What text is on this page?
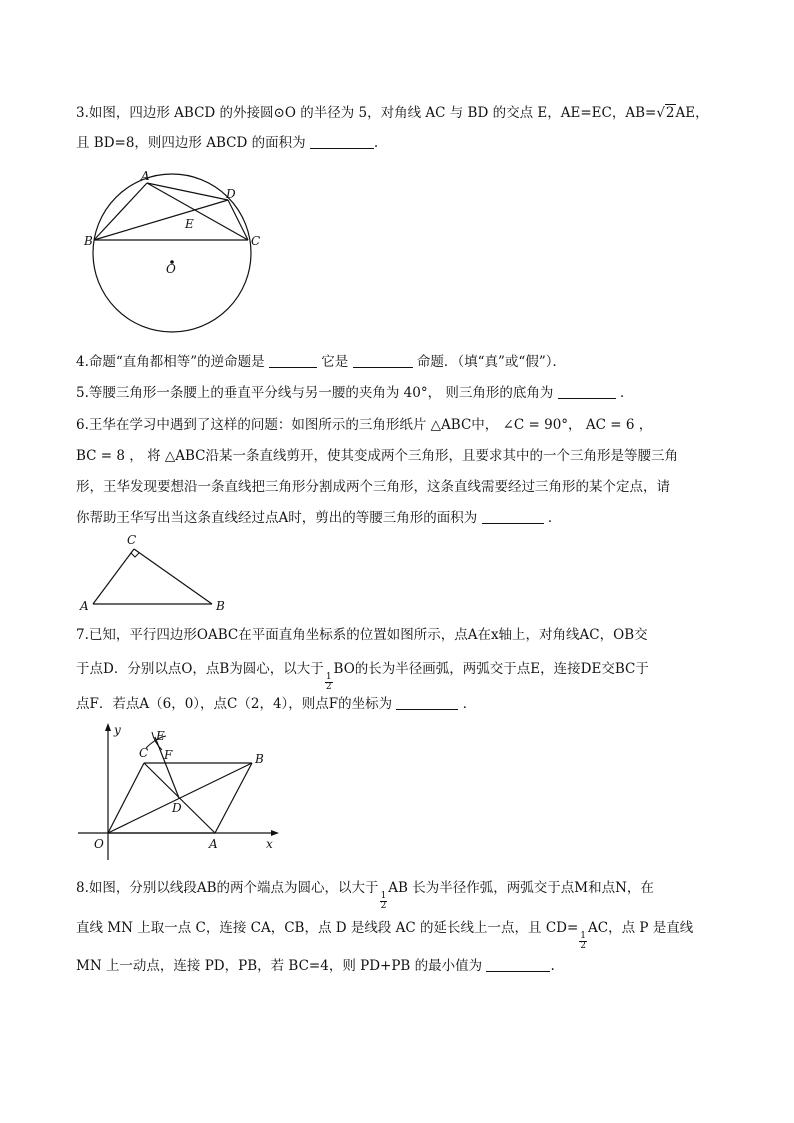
3.如图，四边形 ABCD 的外接圆⊙O 的半径为 5，对角线 AC 与 BD 的交点 E，AE=EC，AB=√2AE，
且 BD=8，则四边形 ABCD 的面积为	.
A
B	C
D
E
O
4.命题“直角都相等”的逆命题是	它是	命题．（填“真”或“假”）．
5.等腰三角形一条腰上的垂直平分线与另一腰的夹角为 40°， 则三角形的底角为	．
6.王华在学习中遇到了这样的问题：如图所示的三角形纸片 △ABC中， ∠C = 90°， AC = 6 ，
BC = 8 ， 将 △ABC沿某一条直线剪开，使其变成两个三角形，且要求其中的一个三角形是等腰三角
形，王华发现要想沿一条直线把三角形分割成两个三角形，这条直线需要经过三角形的某个定点，请
你帮助王华写出当这条直线经过点A时，剪出的等腰三角形的面积为	．
C
A	B
7.已知，平行四边形OABC在平面直角坐标系的位置如图所示，点A在x轴上，对角线AC，OB交
于点D．分别以点O，点B为圆心，以大于
$\frac{1}{2}$
BO的长为半径画弧，两弧交于点E，连接DE交BC于
点F．若点A（6，0），点C（2，4），则点F的坐标为	．
y
x
O	A
B
C
D
E
F
8.如图，分别以线段AB的两个端点为圆心，以大于
$\frac{1}{2}$
AB 长为半径作弧，两弧交于点M和点N，在
直线 MN 上取一点 C，连接 CA，CB，点 D 是线段 AC 的延长线上一点，且 CD=
$\frac{1}{2}$
AC，点 P 是直线
MN 上一动点，连接 PD，PB，若 BC=4，则 PD+PB 的最小值为	.
